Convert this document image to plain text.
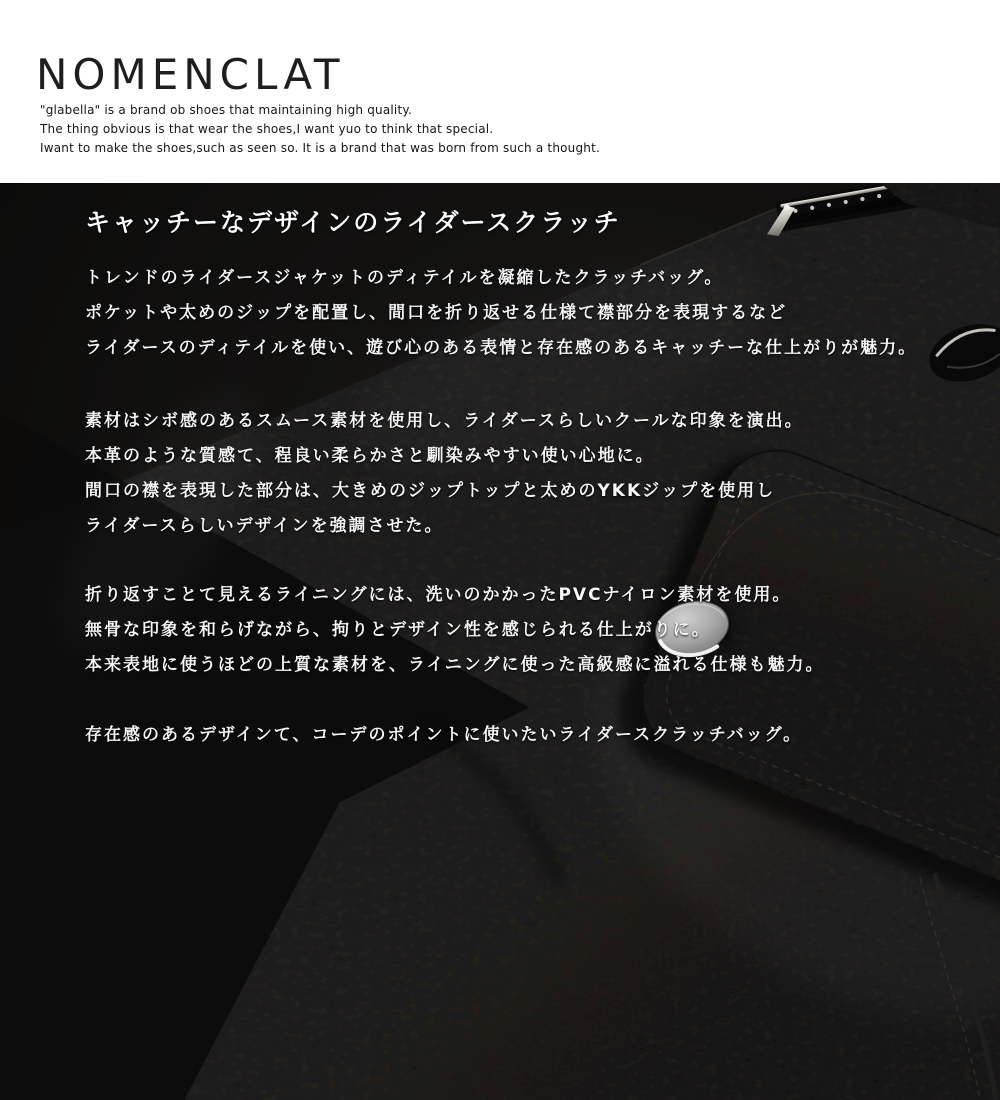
NOMENCLAT

"glabella" is a brand ob shoes that maintaining high quality.

The thing obvious is that wear the shoes,I want yuo to think that special.

Iwant to make the shoes,such as seen so. It is a brand that was born from such a thought.

キャッチーなデザインのライダースクラッチ

トレンドのライダースジャケットのディテイルを凝縮したクラッチバッグ。

ポケットや太めのジップを配置し、間口を折り返せる仕様て襟部分を表現するなど

ライダースのディテイルを使い、遊び心のある表情と存在感のあるキャッチーな仕上がりが魅力。

素材はシボ感のあるスムース素材を使用し、ライダースらしいクールな印象を演出。

本革のような質感て、程良い柔らかさと馴染みやすい使い心地に。

間口の襟を表現した部分は、大きめのジップトップと太めのYKKジップを使用し

ライダースらしいデザインを強調させた。

折り返すことて見えるライニングには、洗いのかかったPVCナイロン素材を使用。

無骨な印象を和らげながら、拘りとデザイン性を感じられる仕上がりに。

本来表地に使うほどの上質な素材を、ライニングに使った高級感に溢れる仕様も魅力。

存在感のあるデザインて、コーデのポイントに使いたいライダースクラッチバッグ。
